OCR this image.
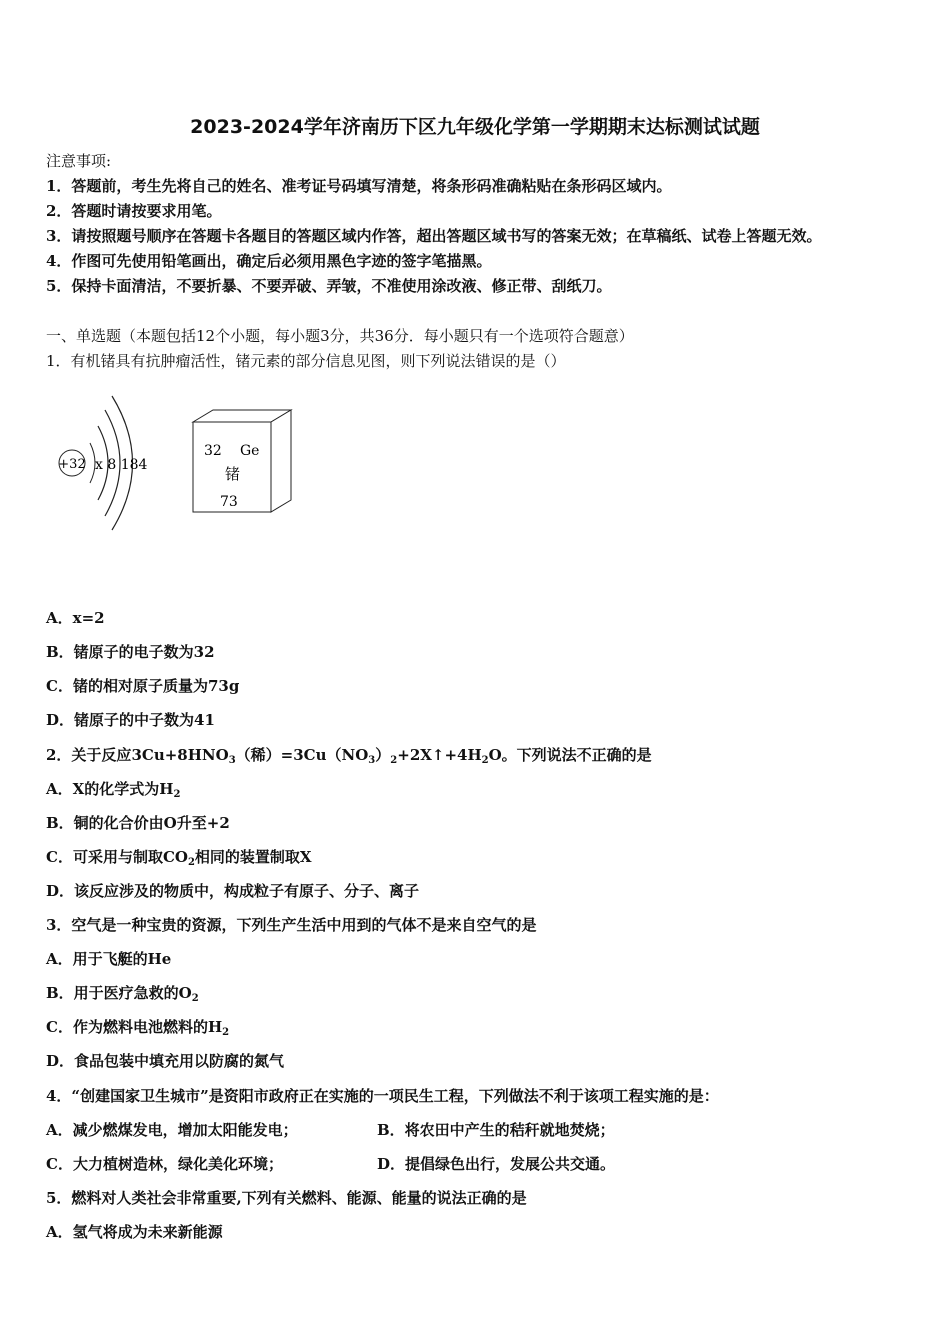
2023-2024学年济南历下区九年级化学第一学期期末达标测试试题
注意事项:
1．答题前，考生先将自己的姓名、准考证号码填写清楚，将条形码准确粘贴在条形码区域内。
2．答题时请按要求用笔。
3．请按照题号顺序在答题卡各题目的答题区域内作答，超出答题区域书写的答案无效；在草稿纸、试卷上答题无效。
4．作图可先使用铅笔画出，确定后必须用黑色字迹的签字笔描黑。
5．保持卡面清洁，不要折暴、不要弄破、弄皱，不准使用涂改液、修正带、刮纸刀。
一、单选题（本题包括12个小题，每小题3分，共36分．每小题只有一个选项符合题意）
1．有机锗具有抗肿瘤活性，锗元素的部分信息见图，则下列说法错误的是（）
+32 x 8 184
32 Ge
锗
73
A．x=2
B．锗原子的电子数为32
C．锗的相对原子质量为73g
D．锗原子的中子数为41
2．关于反应$3Cu+8HNO_3$（稀）$=3Cu(NO_3)_2+2X↑+4H_2O$。下列说法不正确的是
A．X的化学式为$H_2$
B．铜的化合价由O升至+2
C．可采用与制取$CO_2$相同的装置制取X
D．该反应涉及的物质中，构成粒子有原子、分子、离子
3．空气是一种宝贵的资源，下列生产生活中用到的气体不是来自空气的是
A．用于飞艇的He
B．用于医疗急救的$O_2$
C．作为燃料电池燃料的$H_2$
D．食品包装中填充用以防腐的氮气
4．“创建国家卫生城市”是资阳市政府正在实施的一项民生工程，下列做法不利于该项工程实施的是：
A．减少燃煤发电，增加太阳能发电；	B．将农田中产生的秸秆就地焚烧；
C．大力植树造林，绿化美化环境；	D．提倡绿色出行，发展公共交通。
5．燃料对人类社会非常重要,下列有关燃料、能源、能量的说法正确的是
A．氢气将成为未来新能源
